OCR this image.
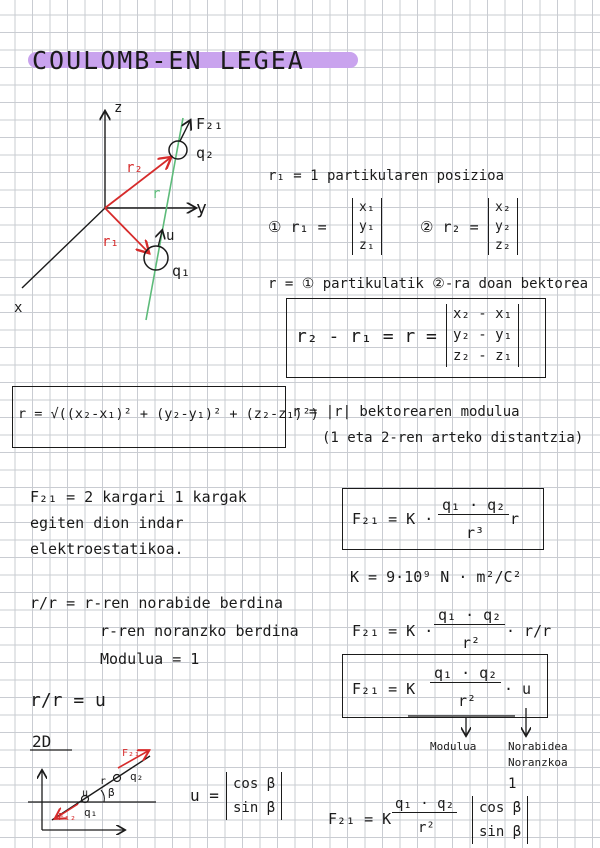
COULOMB-EN LEGEA
z
y
x
r₂
r₁
r
u
F₂₁
q₂
q₁
r₁ = 1 partikularen posizioa
① r₁ =
x₁
y₁
z₁
② r₂ =
x₂
y₂
z₂
r = ① partikulatik ②-ra doan bektorea
r₂ - r₁ = r =
x₂ - x₁
y₂ - y₁
z₂ - z₁
r = √((x₂-x₁)² + (y₂-y₁)² + (z₂-z₁)²)
r = |r| bektorearen modulua
(1 eta 2-ren arteko distantzia)
F₂₁ = 2 kargari 1 kargak
egiten dion indar
elektroestatikoa.
F₂₁ = K ·
q₁ · q₂
r³
r
K = 9·10⁹ N · m²/C²
r/r = r-ren norabide berdina
r-ren noranzko berdina
Modulua = 1
F₂₁ = K ·
q₁ · q₂
r²
· r/r
r/r = u
F₂₁ = K
q₁ · q₂
r²
· u
Modulua	Norabidea
Noranzkoa
2D
u
r
β
q₂
q₁
F₂₁
F₁₂
u =
cos β
sin β
F₂₁ = K
q₁ · q₂
r²
1
cos β
sin β
